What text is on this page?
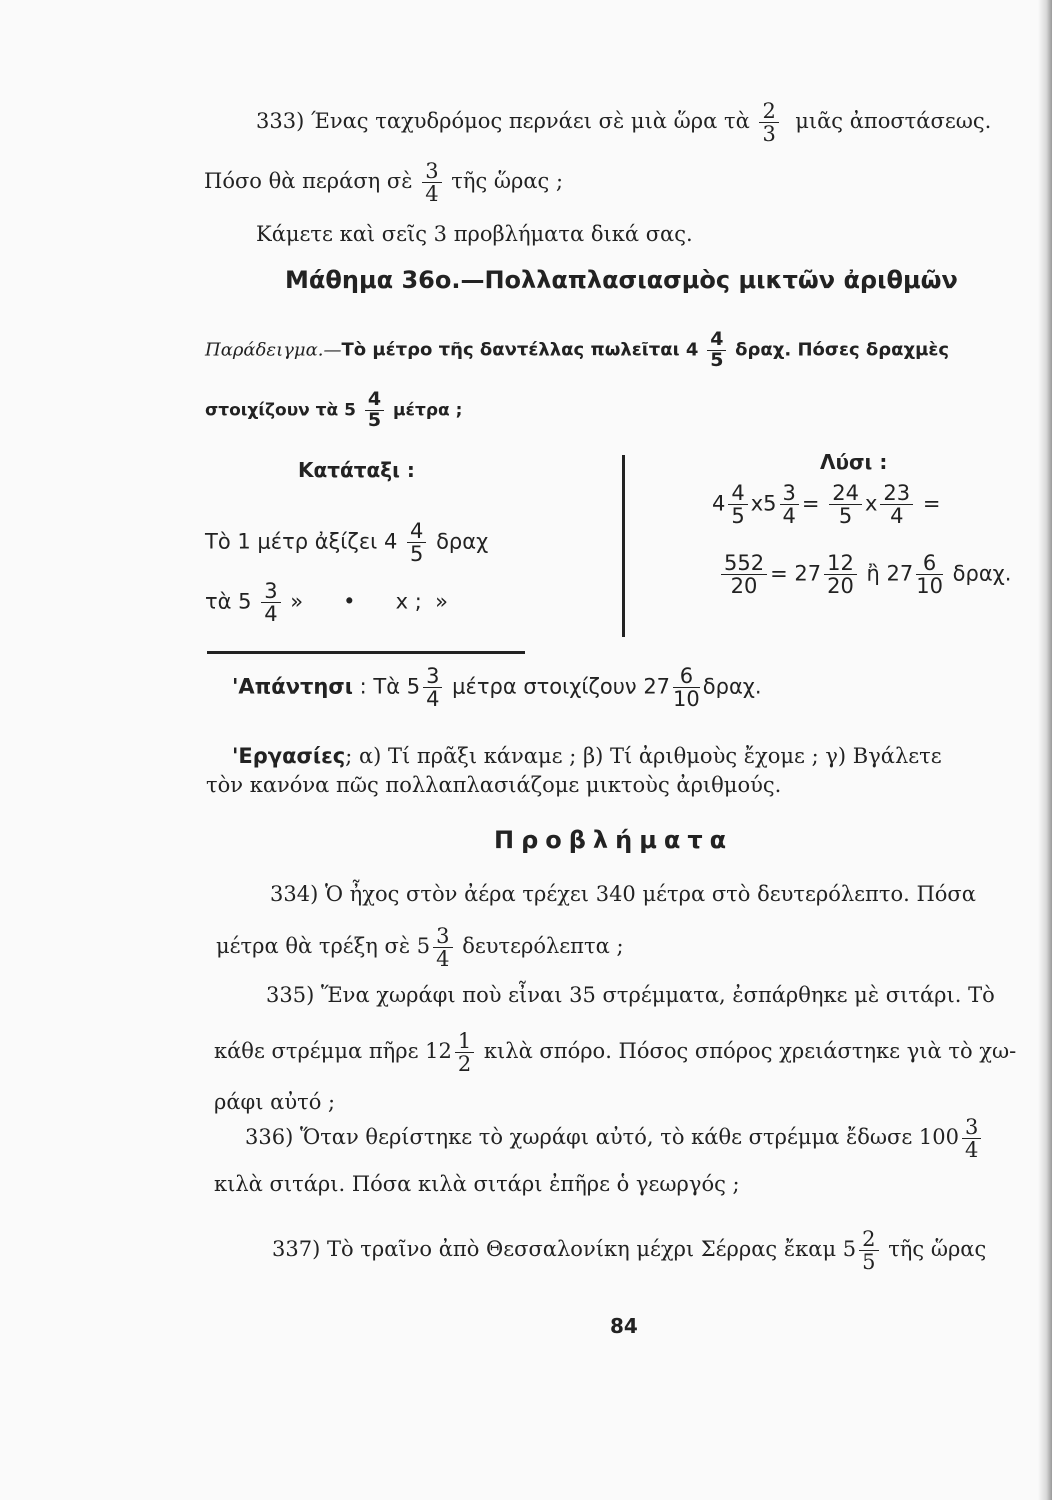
333) Ένας ταχυδρόμος περνάει σὲ μιὰ ὥρα τὰ $\frac{2}{3}$ μιᾶς ἀποστάσεως.
Πόσο θὰ περάση σὲ $\frac{3}{4}$ τῆς ὥρας ;
Κάμετε καὶ σεῖς 3 προβλήματα δικά σας.
Μάθημα 36ο.—Πολλαπλασιασμὸς μικτῶν ἀριθμῶν
Παράδειγμα.—Τὸ μέτρο τῆς δαντέλλας πωλεῖται $4 \frac{4}{5} \delta\rho\alpha\chi$. Πόσες δραχμὲς
στοιχίζουν τὰ $5 \frac{4}{5}$ μέτρα ;
Κατάταξι :
Τὸ 1 μέτρ ἀξίζει $4 \frac{4}{5}$ δραχ
τὰ $5 \frac{3}{4}$ »      •      x ;  »
Λύσι :
$4 \frac{4}{5} x5 \frac{3}{4} = \frac{24}{5}$ x $\frac{23}{4}$ =
$\frac{552}{20} = 27 \frac{12}{20}$ ἢ $27 \frac{6}{10} \delta\rho\alpha\chi$.
'Απάντησι : Τὰ $5 \frac{3}{4}$ μέτρα στοιχίζουν $27 \frac{6}{10} \delta\rho\alpha\chi$.
'Εργασίες; α) Τί πρᾶξι κάναμε ; β) Τί ἀριθμοὺς ἔχομε ; γ) Βγάλετε
τὸν κανόνα πῶς πολλαπλασιάζομε μικτοὺς ἀριθμούς.
Προβλήματα
334) Ὁ ἦχος στὸν ἀέρα τρέχει 340 μέτρα στὸ δευτερόλεπτο. Πόσα
μέτρα θὰ τρέξη σὲ $5 \frac{3}{4}$ δευτερόλεπτα ;
335) Ἕνα χωράφι ποὺ εἶναι 35 στρέμματα, ἐσπάρθηκε μὲ σιτάρι. Τὸ
κάθε στρέμμα πῆρε $12 \frac{1}{2}$ κιλὰ σπόρο. Πόσος σπόρος χρειάστηκε γιὰ τὸ χω-
ράφι αὐτό ;
336) Ὅταν θερίστηκε τὸ χωράφι αὐτό, τὸ κάθε στρέμμα ἔδωσε $100 \frac{3}{4}$
κιλὰ σιτάρι. Πόσα κιλὰ σιτάρι ἐπῆρε ὁ γεωργός ;
337) Τὸ τραῖνο ἀπὸ Θεσσαλονίκη μέχρι Σέρρας ἔκαμ $5 \frac{2}{5}$ τῆς ὥρας
84
